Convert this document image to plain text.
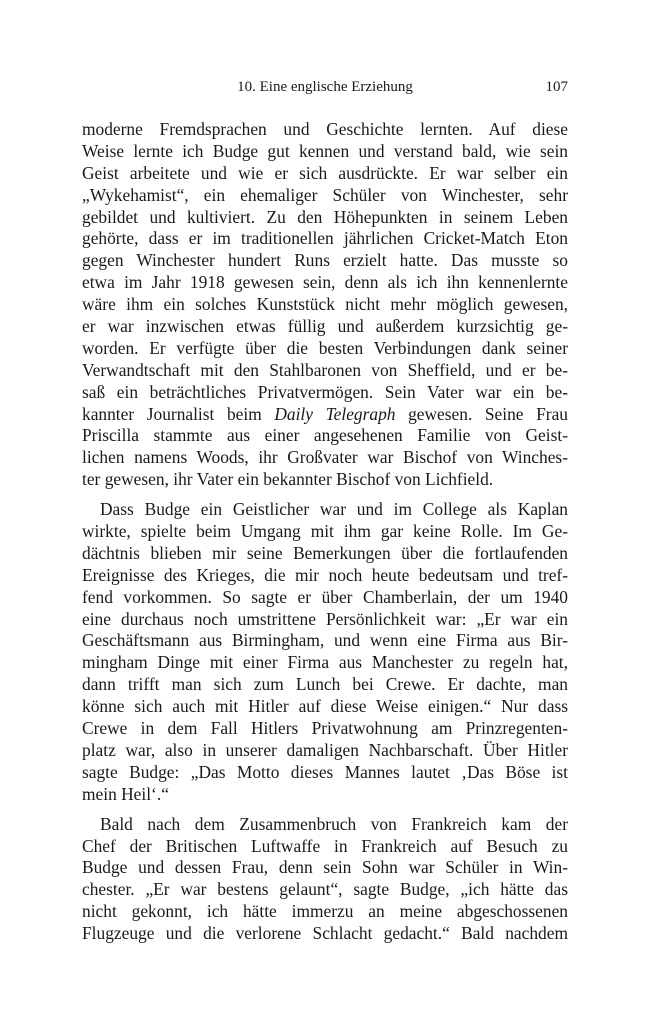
10. Eine englische Erziehung	107
moderne Fremdsprachen und Geschichte lernten. Auf diese
Weise lernte ich Budge gut kennen und verstand bald, wie sein
Geist arbeitete und wie er sich ausdrückte. Er war selber ein
„Wykehamist“, ein ehemaliger Schüler von Winchester, sehr
gebildet und kultiviert. Zu den Höhepunkten in seinem Leben
gehörte, dass er im traditionellen jährlichen Cricket-Match Eton
gegen Winchester hundert Runs erzielt hatte. Das musste so
etwa im Jahr 1918 gewesen sein, denn als ich ihn kennenlernte
wäre ihm ein solches Kunststück nicht mehr möglich gewesen,
er war inzwischen etwas füllig und außerdem kurzsichtig ge-
worden. Er verfügte über die besten Verbindungen dank seiner
Verwandtschaft mit den Stahlbaronen von Sheffield, und er be-
saß ein beträchtliches Privatvermögen. Sein Vater war ein be-
kannter Journalist beim Daily Telegraph gewesen. Seine Frau
Priscilla stammte aus einer angesehenen Familie von Geist-
lichen namens Woods, ihr Großvater war Bischof von Winches-
ter gewesen, ihr Vater ein bekannter Bischof von Lichfield.
Dass Budge ein Geistlicher war und im College als Kaplan
wirkte, spielte beim Umgang mit ihm gar keine Rolle. Im Ge-
dächtnis blieben mir seine Bemerkungen über die fortlaufenden
Ereignisse des Krieges, die mir noch heute bedeutsam und tref-
fend vorkommen. So sagte er über Chamberlain, der um 1940
eine durchaus noch umstrittene Persönlichkeit war: „Er war ein
Geschäftsmann aus Birmingham, und wenn eine Firma aus Bir-
mingham Dinge mit einer Firma aus Manchester zu regeln hat,
dann trifft man sich zum Lunch bei Crewe. Er dachte, man
könne sich auch mit Hitler auf diese Weise einigen.“ Nur dass
Crewe in dem Fall Hitlers Privatwohnung am Prinzregenten-
platz war, also in unserer damaligen Nachbarschaft. Über Hitler
sagte Budge: „Das Motto dieses Mannes lautet ‚Das Böse ist
mein Heil‘.“
Bald nach dem Zusammenbruch von Frankreich kam der
Chef der Britischen Luftwaffe in Frankreich auf Besuch zu
Budge und dessen Frau, denn sein Sohn war Schüler in Win-
chester. „Er war bestens gelaunt“, sagte Budge, „ich hätte das
nicht gekonnt, ich hätte immerzu an meine abgeschossenen
Flugzeuge und die verlorene Schlacht gedacht.“ Bald nachdem
